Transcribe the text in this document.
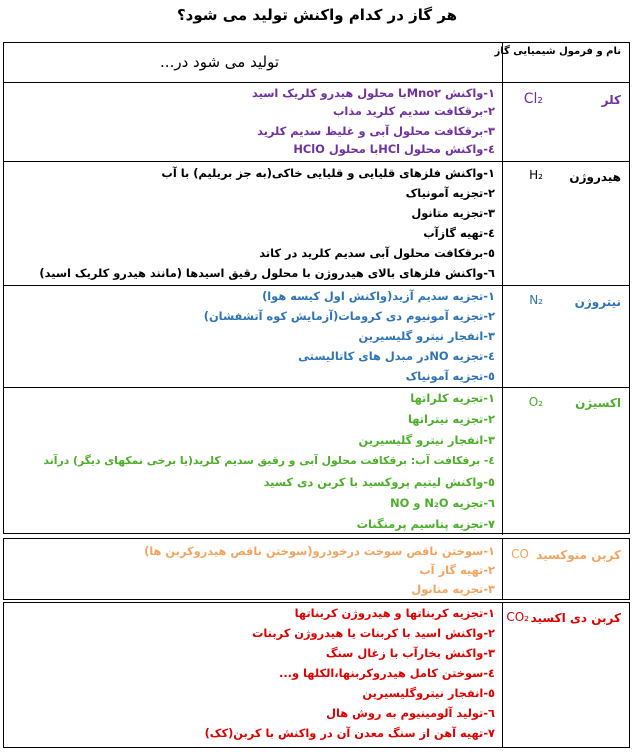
هر گاز در کدام واکنش تولید می شود؟
نام و فرمول شیمیایی گاز
تولید می شود در...
کلر
Cl₂
۱-واکنش Mno۲با محلول هیدرو کلریک اسید
۲-برقکافت سدیم کلرید مذاب
۳-برقکافت محلول آبی و غلیظ سدیم کلرید
٤-واکنش محلول HClبا محلول HClO
هیدروژن
H₂
۱-واکنش فلزهای قلیایی و قلیایی خاکی(به جز بریلیم) با آب
۲-تجزیه آمونیاک
۳-تجزیه متانول
٤-تهیه گازآب
٥-برقکافت محلول آبی سدیم کلرید در کاتد
٦-واکنش فلزهای بالای هیدروژن با محلول رقیق اسیدها (مانند هیدرو کلریک اسید)
نیتروژن
N₂
۱-تجزیه سدیم آزید(واکنش اول کیسه هوا)
۲-تجزیه آمونیوم دی کرومات(آزمایش کوه آتشفشان)
۳-انفجار نیترو گلیسیرین
٤-تجزیه NOدر مبدل های کاتالیستی
٥-تجزیه آمونیاک
اکسیژن
O₂
۱-تجزیه کلراتها
۲-تجزیه نیتراتها
۳-انفجار نیترو گلیسیرین
٤- برقکافت آب: برقکافت محلول آبی و رقیق سدیم کلرید(یا برخی نمکهای دیگر) درآند
٥-واکنش لیتیم پروکسید با کربن دی کسید
٦-تجزیه N₂O و NO
٧-تجزیه پتاسیم پرمنگنات
کربن منوکسید
CO
۱-سوختن ناقص سوخت درخودرو(سوختن ناقص هیدروکربن ها)
۲-تهیه گاز آب
۳-تجزیه متانول
کربن دی اکسید
CO₂
۱-تجزیه کربناتها و هیدروژن کربناتها
۲-واکنش اسید با کربنات یا هیدروژن کربنات
۳-واکنش بخارآب با زغال سنگ
٤-سوختن کامل هیدروکربنها،الکلها و...
٥-انفجار نیتروگلیسیرین
٦-تولید آلومینیوم به روش هال
٧-تهیه آهن از سنگ معدن آن در واکنش با کربن(کک)
